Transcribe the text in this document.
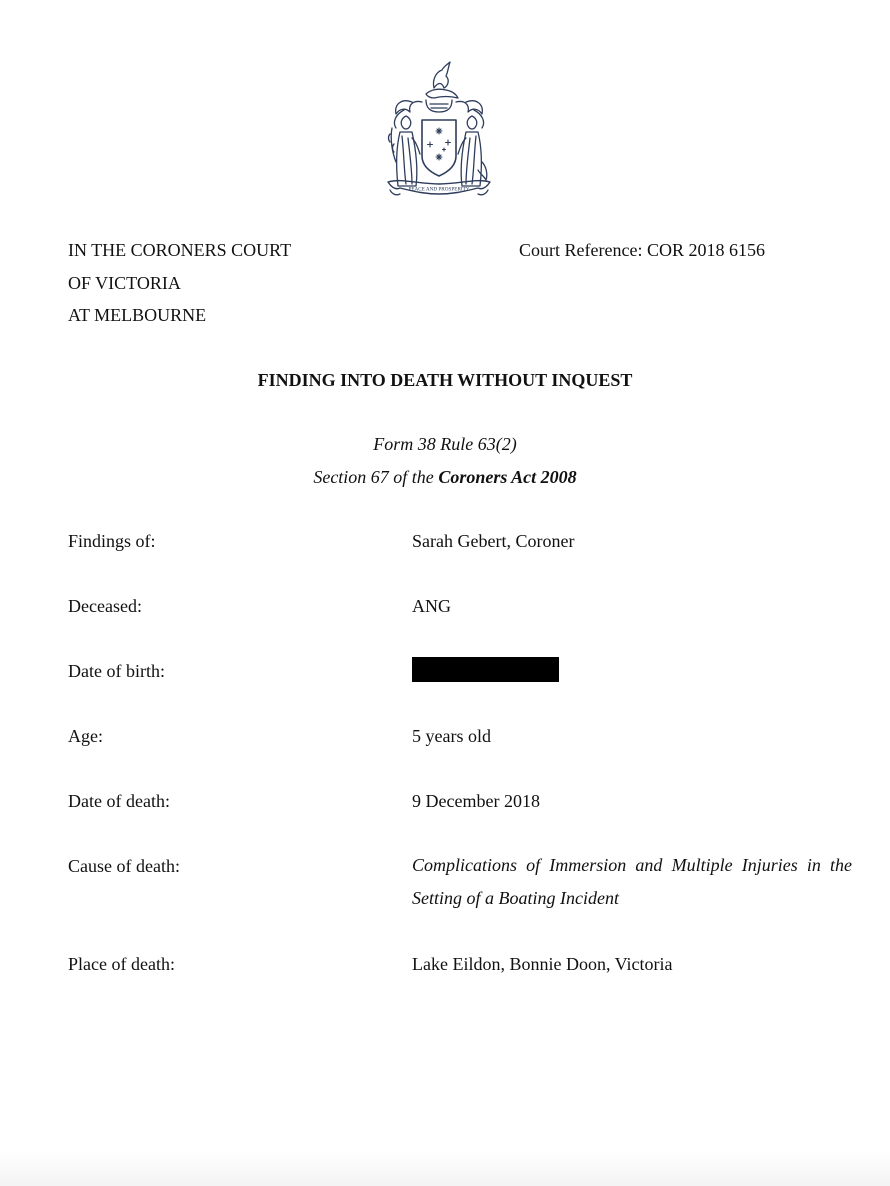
PEACE AND PROSPERITY
IN THE CORONERS COURT
OF VICTORIA
AT MELBOURNE
Court Reference: COR 2018 6156
FINDING INTO DEATH WITHOUT INQUEST
Form 38 Rule 63(2)
Section 67 of the Coroners Act 2008
Findings of:	Sarah Gebert, Coroner
Deceased:	ANG
Date of birth:
Age:	5 years old
Date of death:	9 December 2018
Cause of death:	Complications of Immersion and Multiple Injuries in the Setting of a Boating Incident
Place of death:	Lake Eildon, Bonnie Doon, Victoria
